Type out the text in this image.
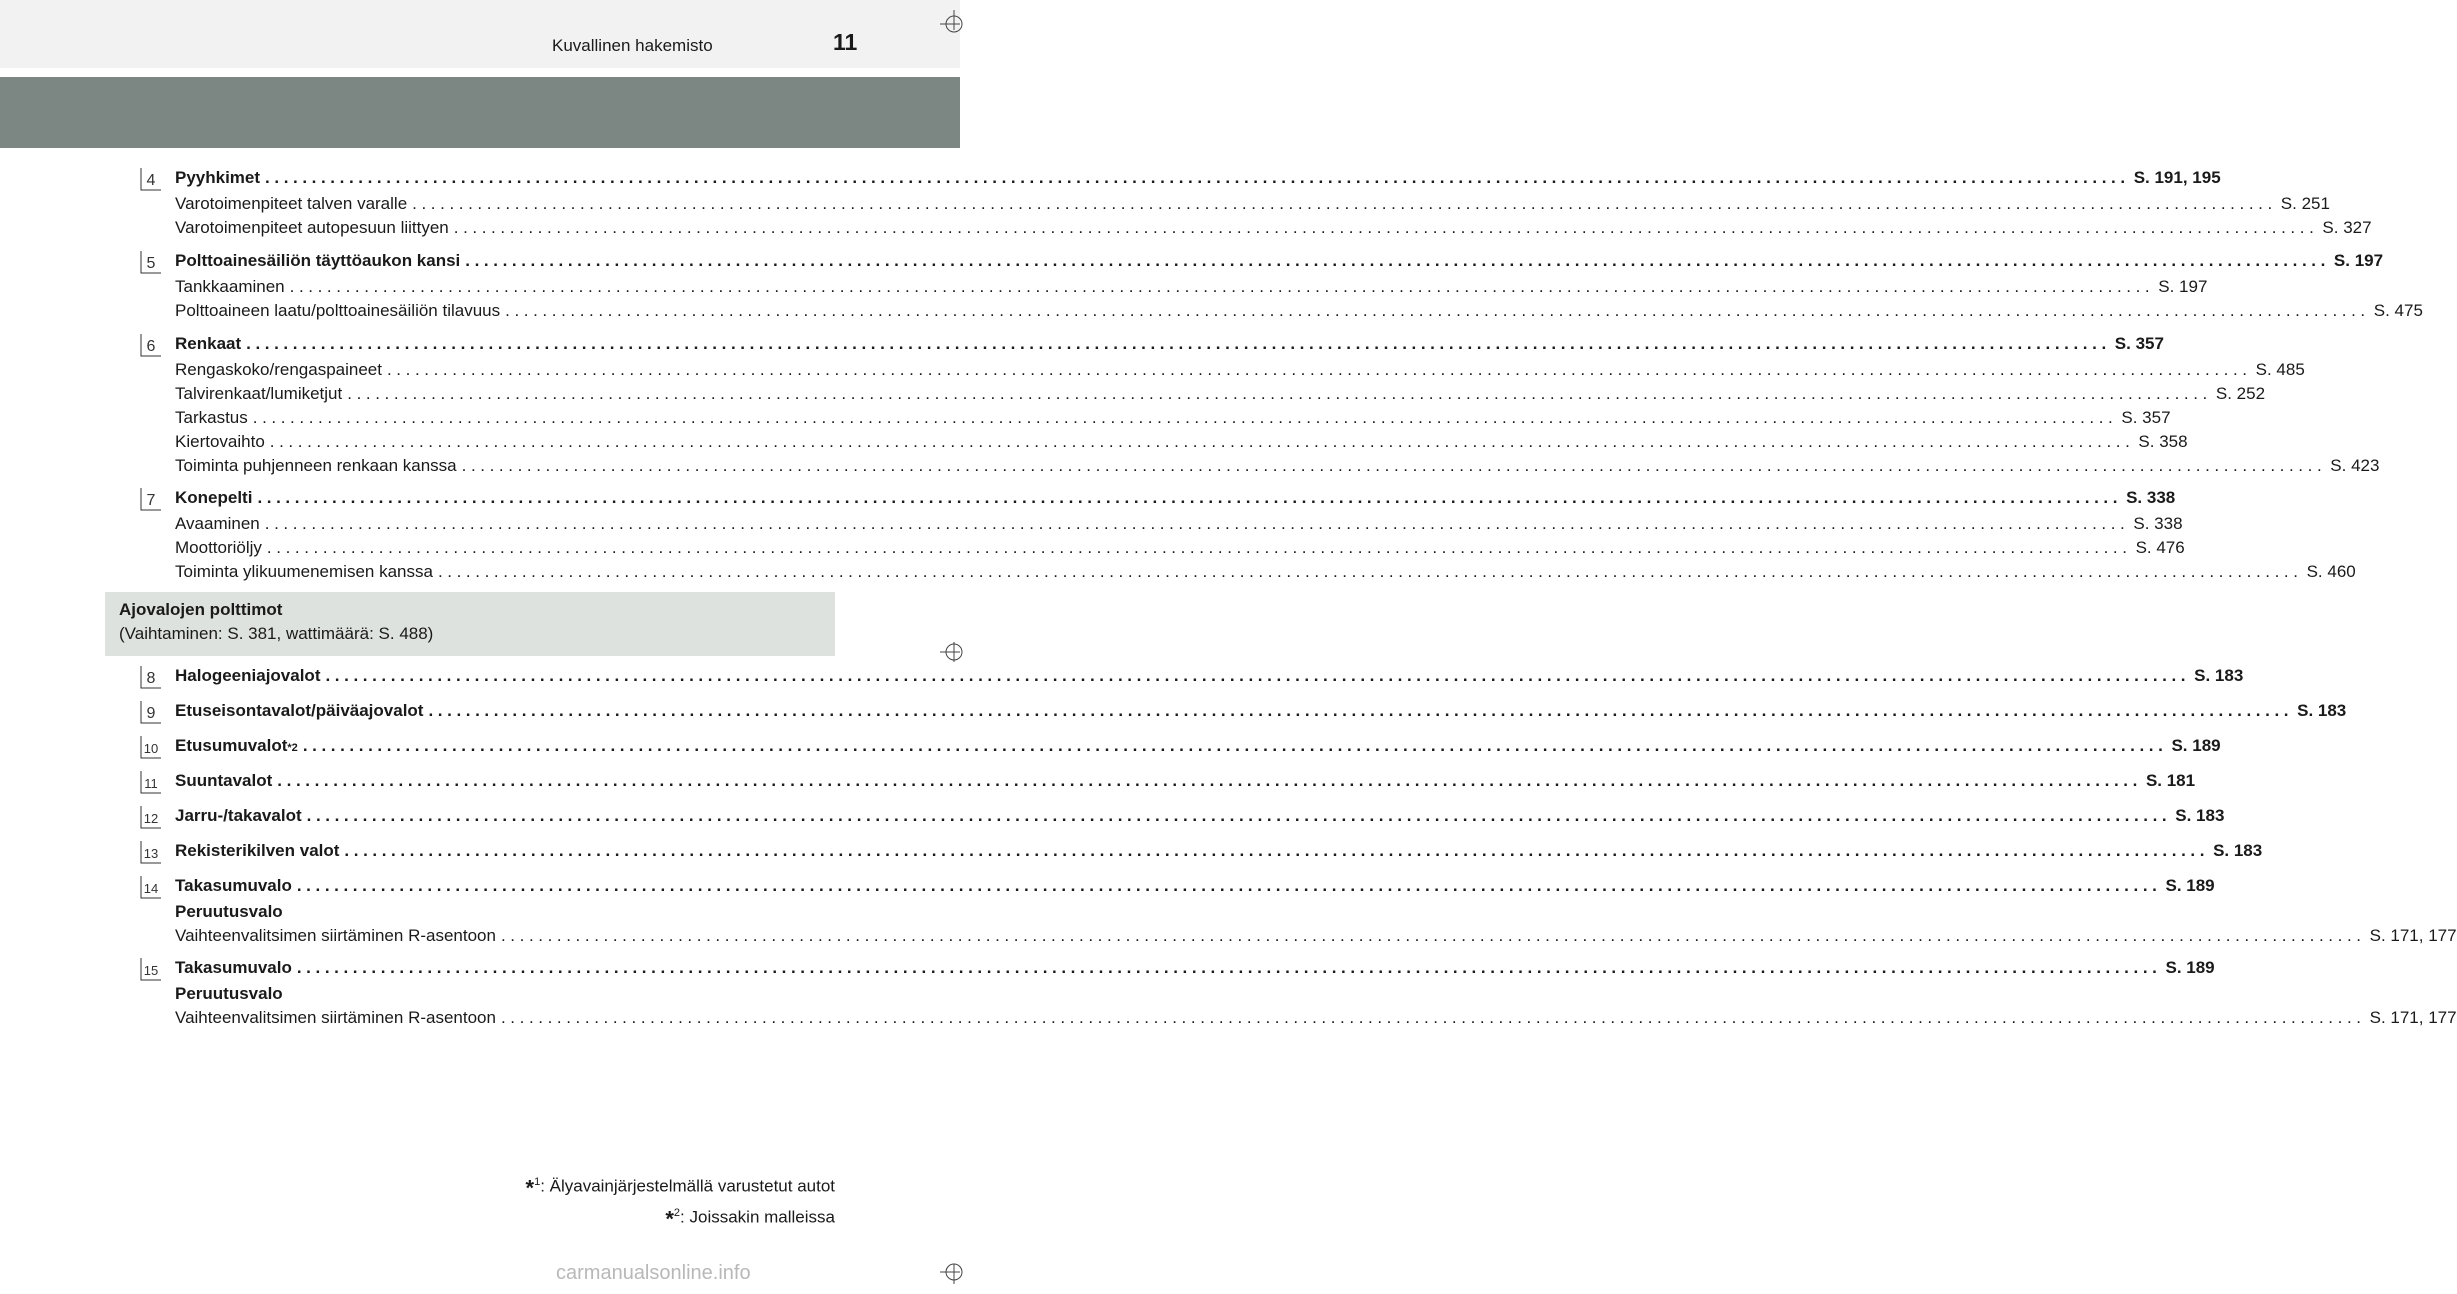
Kuvallinen hakemisto	11
4 Pyyhkimet ........................................................................................................................................................................................................ S. 191, 195
Varotoimenpiteet talven varalle ........................................................................................................................................................................................................ S. 251
Varotoimenpiteet autopesuun liittyen ........................................................................................................................................................................................................ S. 327
5 Polttoainesäiliön täyttöaukon kansi ........................................................................................................................................................................................................ S. 197
Tankkaaminen ........................................................................................................................................................................................................ S. 197
Polttoaineen laatu/polttoainesäiliön tilavuus ........................................................................................................................................................................................................ S. 475
6 Renkaat ........................................................................................................................................................................................................ S. 357
Rengaskoko/rengaspaineet ........................................................................................................................................................................................................ S. 485
Talvirenkaat/lumiketjut ........................................................................................................................................................................................................ S. 252
Tarkastus ........................................................................................................................................................................................................ S. 357
Kiertovaihto ........................................................................................................................................................................................................ S. 358
Toiminta puhjenneen renkaan kanssa ........................................................................................................................................................................................................ S. 423
7 Konepelti ........................................................................................................................................................................................................ S. 338
Avaaminen ........................................................................................................................................................................................................ S. 338
Moottoriöljy ........................................................................................................................................................................................................ S. 476
Toiminta ylikuumenemisen kanssa ........................................................................................................................................................................................................ S. 460
8 Halogeeniajovalot ........................................................................................................................................................................................................ S. 183
9 Etuseisontavalot/päiväajovalot ........................................................................................................................................................................................................ S. 183
10 Etusumuvalot *2 ........................................................................................................................................................................................................ S. 189
11 Suuntavalot ........................................................................................................................................................................................................ S. 181
12 Jarru-/takavalot ........................................................................................................................................................................................................ S. 183
13 Rekisterikilven valot ........................................................................................................................................................................................................ S. 183
14 Takasumuvalo ........................................................................................................................................................................................................ S. 189
Peruutusvalo
Vaihteenvalitsimen siirtäminen R-asentoon ........................................................................................................................................................................................................ S. 171, 177
15 Takasumuvalo ........................................................................................................................................................................................................ S. 189
Peruutusvalo
Vaihteenvalitsimen siirtäminen R-asentoon ........................................................................................................................................................................................................ S. 171, 177
Ajovalojen polttimot
(Vaihtaminen: S. 381, wattimäärä: S. 488)
*$^1$: Älyavainjärjestelmällä varustetut autot
*$^2$: Joissakin malleissa
carmanualsonline.info
